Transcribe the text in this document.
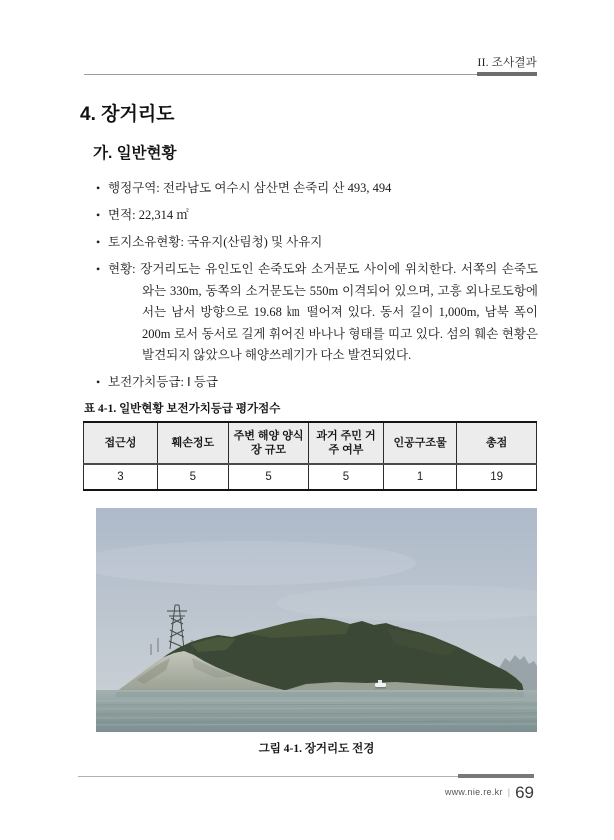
II. 조사결과
4. 장거리도
가. 일반현황
• 행정구역: 전라남도 여수시 삼산면 손죽리 산 493, 494
• 면적: 22,314 ㎡
• 토지소유현황: 국유지(산림청) 및 사유지
• 현황: 장거리도는 유인도인 손죽도와 소거문도 사이에 위치한다. 서쪽의 손죽도와는 330m, 동쪽의 소거문도는 550m 이격되어 있으며, 고흥 외나로도항에서는 남서 방향으로 19.68 ㎞ 떨어져 있다. 동서 길이 1,000m, 남북 폭이 200m 로서 동서로 길게 휘어진 바나나 형태를 띠고 있다. 섬의 훼손 현황은 발견되지 않았으나 해양쓰레기가 다소 발견되었다.
• 보전가치등급: Ⅰ 등급
표 4-1. 일반현황 보전가치등급 평가점수
접근성	훼손정도	주변 해양 양식장 규모	과거 주민 거주 여부	인공구조물	총점
3	5	5	5	1	19
그림 4-1. 장거리도 전경
www.nie.re.kr | 69
